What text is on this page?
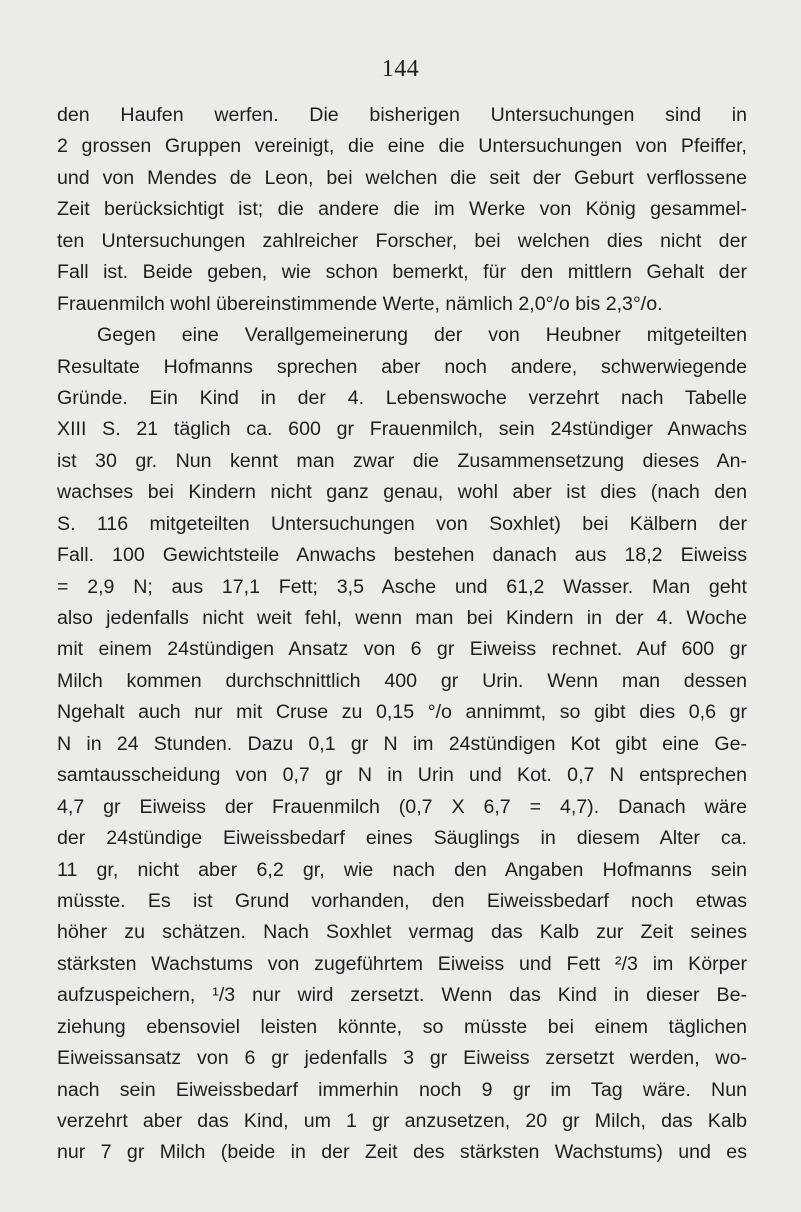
144
den Haufen werfen. Die bisherigen Untersuchungen sind in
2 grossen Gruppen vereinigt, die eine die Untersuchungen von Pfeiffer,
und von Mendes de Leon, bei welchen die seit der Geburt verflossene
Zeit berücksichtigt ist; die andere die im Werke von König gesammel-
ten Untersuchungen zahlreicher Forscher, bei welchen dies nicht der
Fall ist. Beide geben, wie schon bemerkt, für den mittlern Gehalt der
Frauenmilch wohl übereinstimmende Werte, nämlich 2,0°/o bis 2,3°/o.
Gegen eine Verallgemeinerung der von Heubner mitgeteilten
Resultate Hofmanns sprechen aber noch andere, schwerwiegende
Gründe. Ein Kind in der 4. Lebenswoche verzehrt nach Tabelle
XIII S. 21 täglich ca. 600 gr Frauenmilch, sein 24stündiger Anwachs
ist 30 gr. Nun kennt man zwar die Zusammensetzung dieses An-
wachses bei Kindern nicht ganz genau, wohl aber ist dies (nach den
S. 116 mitgeteilten Untersuchungen von Soxhlet) bei Kälbern der
Fall. 100 Gewichtsteile Anwachs bestehen danach aus 18,2 Eiweiss
= 2,9 N; aus 17,1 Fett; 3,5 Asche und 61,2 Wasser. Man geht
also jedenfalls nicht weit fehl, wenn man bei Kindern in der 4. Woche
mit einem 24stündigen Ansatz von 6 gr Eiweiss rechnet. Auf 600 gr
Milch kommen durchschnittlich 400 gr Urin. Wenn man dessen
Ngehalt auch nur mit Cruse zu 0,15 °/o annimmt, so gibt dies 0,6 gr
N in 24 Stunden. Dazu 0,1 gr N im 24stündigen Kot gibt eine Ge-
samtausscheidung von 0,7 gr N in Urin und Kot. 0,7 N entsprechen
4,7 gr Eiweiss der Frauenmilch (0,7 X 6,7 = 4,7). Danach wäre
der 24stündige Eiweissbedarf eines Säuglings in diesem Alter ca.
11 gr, nicht aber 6,2 gr, wie nach den Angaben Hofmanns sein
müsste. Es ist Grund vorhanden, den Eiweissbedarf noch etwas
höher zu schätzen. Nach Soxhlet vermag das Kalb zur Zeit seines
stärksten Wachstums von zugeführtem Eiweiss und Fett ²/3 im Körper
aufzuspeichern, ¹/3 nur wird zersetzt. Wenn das Kind in dieser Be-
ziehung ebensoviel leisten könnte, so müsste bei einem täglichen
Eiweissansatz von 6 gr jedenfalls 3 gr Eiweiss zersetzt werden, wo-
nach sein Eiweissbedarf immerhin noch 9 gr im Tag wäre. Nun
verzehrt aber das Kind, um 1 gr anzusetzen, 20 gr Milch, das Kalb
nur 7 gr Milch (beide in der Zeit des stärksten Wachstums) und es
